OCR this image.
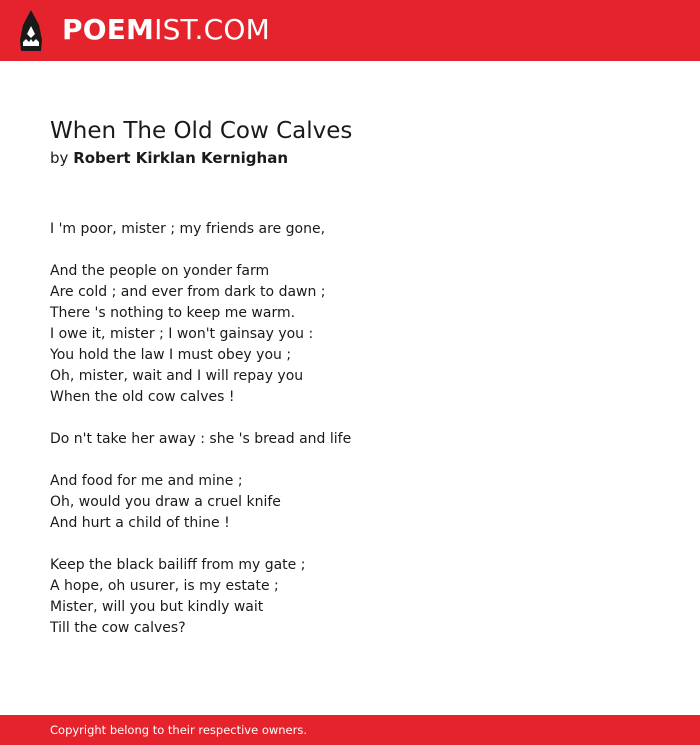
POEMIST.COM
When The Old Cow Calves
by Robert Kirklan Kernighan
I 'm poor, mister ; my friends are gone,
And the people on yonder farm
Are cold ; and ever from dark to dawn ;
There 's nothing to keep me warm.
I owe it, mister ; I won't gainsay you :
You hold the law I must obey you ;
Oh, mister, wait and I will repay you
When the old cow calves !
Do n't take her away : she 's bread and life
And food for me and mine ;
Oh, would you draw a cruel knife
And hurt a child of thine !
Keep the black bailiff from my gate ;
A hope, oh usurer, is my estate ;
Mister, will you but kindly wait
Till the cow calves?
Copyright belong to their respective owners.
